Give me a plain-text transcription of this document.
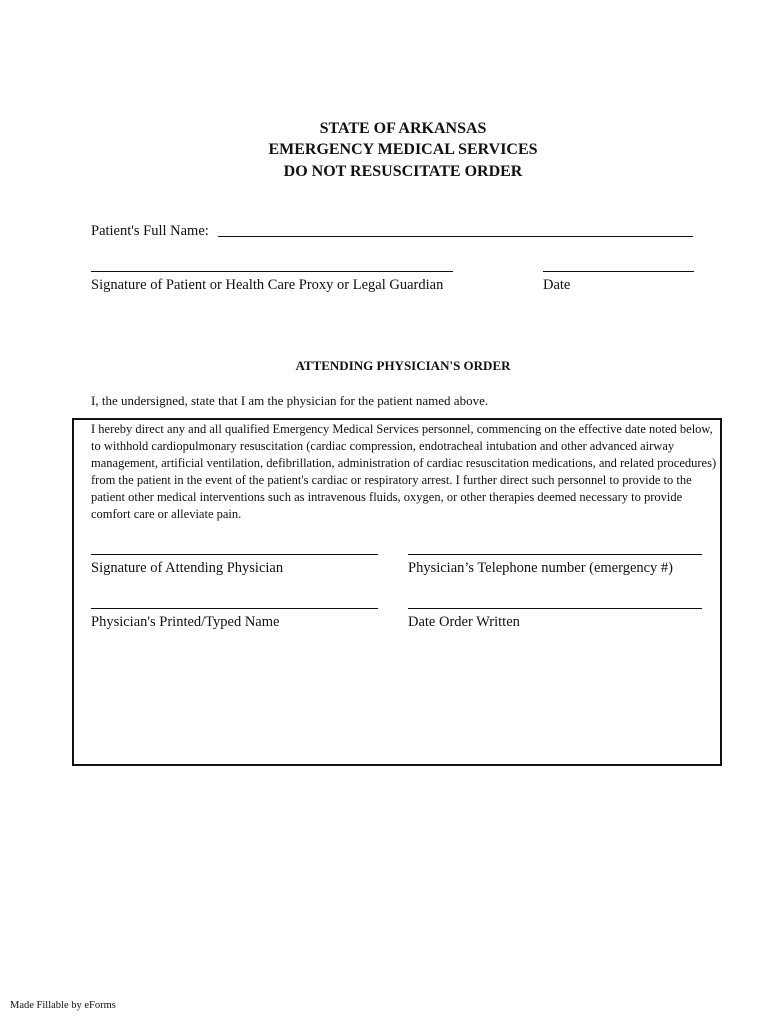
STATE OF ARKANSAS
EMERGENCY MEDICAL SERVICES
DO NOT RESUSCITATE ORDER
Patient's Full Name:
Signature of Patient or Health Care Proxy or Legal Guardian	Date
ATTENDING PHYSICIAN'S ORDER
I, the undersigned, state that I am the physician for the patient named above.
I hereby direct any and all qualified Emergency Medical Services personnel, commencing on the effective date noted below, to withhold cardiopulmonary resuscitation (cardiac compression, endotracheal intubation and other advanced airway management, artificial ventilation, defibrillation, administration of cardiac resuscitation medications, and related procedures) from the patient in the event of the patient's cardiac or respiratory arrest. I further direct such personnel to provide to the patient other medical interventions such as intravenous fluids, oxygen, or other therapies deemed necessary to provide comfort care or alleviate pain.
Signature of Attending Physician	Physician’s Telephone number (emergency #)
Physician's Printed/Typed Name	Date Order Written
Made Fillable by eForms
